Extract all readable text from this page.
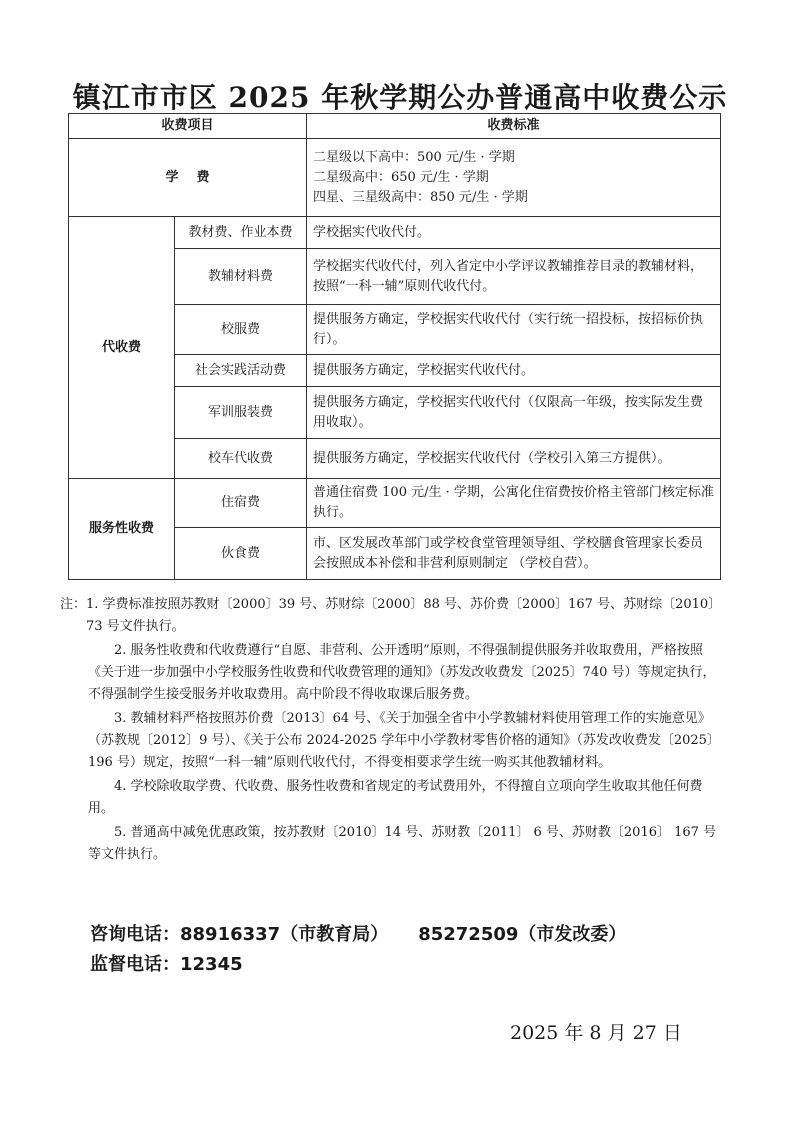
镇江市市区 2025 年秋学期公办普通高中收费公示
收费项目		收费标准
学    费		二星级以下高中：500 元/生 · 学期
二星级高中：650 元/生 · 学期
四星、三星级高中：850 元/生 · 学期

代收费	教材费、作业本费	学校据实代收代付。
	教辅材料费	学校据实代收代付，列入省定中小学评议教辅推荐目录的教辅材料，按照“一科一辅”原则代收代付。
	校服费	提供服务方确定，学校据实代收代付（实行统一招投标，按招标价执行）。
	社会实践活动费	提供服务方确定，学校据实代收代付。
	军训服装费	提供服务方确定，学校据实代收代付（仅限高一年级，按实际发生费用收取）。
	校车代收费	提供服务方确定，学校据实代收代付（学校引入第三方提供）。
服务性收费	住宿费	普通住宿费 100 元/生 · 学期，公寓化住宿费按价格主管部门核定标准执行。
	伙食费	市、区发展改革部门或学校食堂管理领导组、学校膳食管理家长委员会按照成本补偿和非营利原则制定 （学校自营）。

注：1. 学费标准按照苏教财〔2000〕39 号、苏财综〔2000〕88 号、苏价费〔2000〕167 号、苏财综〔2010〕73 号文件执行。

2. 服务性收费和代收费遵行“自愿、非营利、公开透明”原则，不得强制提供服务并收取费用，严格按照《关于进一步加强中小学校服务性收费和代收费管理的通知》（苏发改收费发〔2025〕740 号）等规定执行，不得强制学生接受服务并收取费用。高中阶段不得收取课后服务费。

3. 教辅材料严格按照苏价费〔2013〕64 号、《关于加强全省中小学教辅材料使用管理工作的实施意见》（苏教规〔2012〕9 号）、《关于公布 2024-2025 学年中小学教材零售价格的通知》（苏发改收费发〔2025〕196 号）规定，按照“一科一辅”原则代收代付，不得变相要求学生统一购买其他教辅材料。

4. 学校除收取学费、代收费、服务性收费和省规定的考试费用外，不得擅自立项向学生收取其他任何费用。

5. 普通高中减免优惠政策，按苏教财〔2010〕14 号、苏财教〔2011〕 6 号、苏财教〔2016〕 167 号等文件执行。

咨询电话：88916337（市教育局） 85272509（市发改委）
监督电话：12345
2025 年 8 月 27 日
